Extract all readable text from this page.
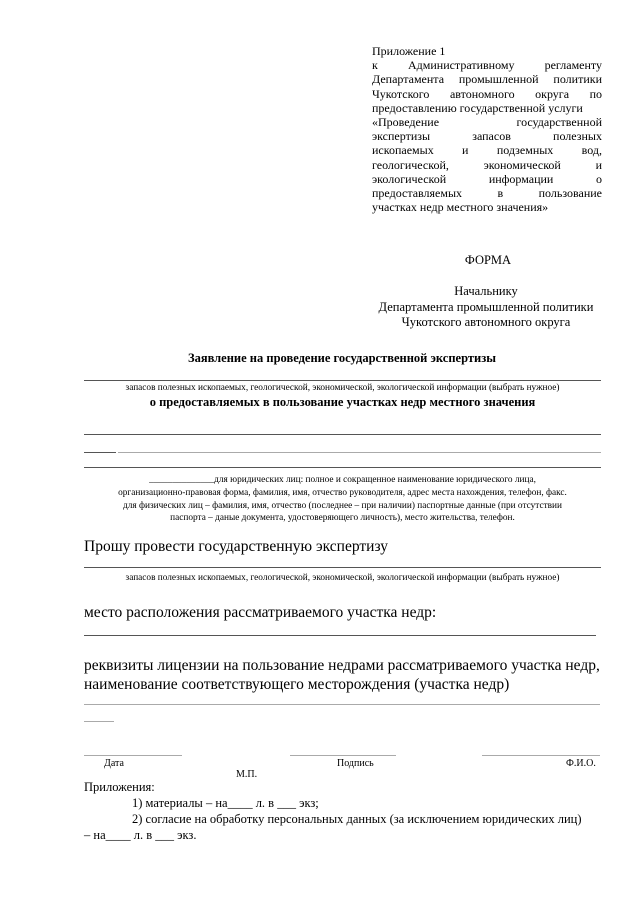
Приложение 1
к Административному регламенту
Департамента промышленной политики
Чукотского автономного округа по
предоставлению государственной услуги
«Проведение государственной
экспертизы запасов полезных
ископаемых и подземных вод,
геологической, экономической и
экологической информации о
предоставляемых в пользование
участках недр местного значения»
ФОРМА
Начальнику
Департамента промышленной политики
Чукотского автономного округа
Заявление на проведение государственной экспертизы
запасов полезных ископаемых, геологической, экономической, экологической информации (выбрать нужное)
о предоставляемых в пользование участках недр местного значения
______________для юридических лиц: полное и сокращенное наименование юридического лица,
организационно-правовая форма, фамилия, имя, отчество руководителя, адрес места нахождения, телефон, факс.
для физических лиц – фамилия, имя, отчество (последнее – при наличии) паспортные данные (при отсутствии
паспорта – даные документа, удостоверяющего личность), место жительства, телефон.
Прошу провести государственную экспертизу
запасов полезных ископаемых, геологической, экономической, экологической информации (выбрать нужное)
место расположения рассматриваемого участка недр:
реквизиты лицензии на пользование недрами рассматриваемого участка недр,
наименование соответствующего месторождения (участка недр)
Дата	Подпись	Ф.И.О.
М.П.
Приложения:
1) материалы – на____ л. в ___ экз;
2) согласие на обработку персональных данных (за исключением юридических лиц)
– на____ л. в ___ экз.
